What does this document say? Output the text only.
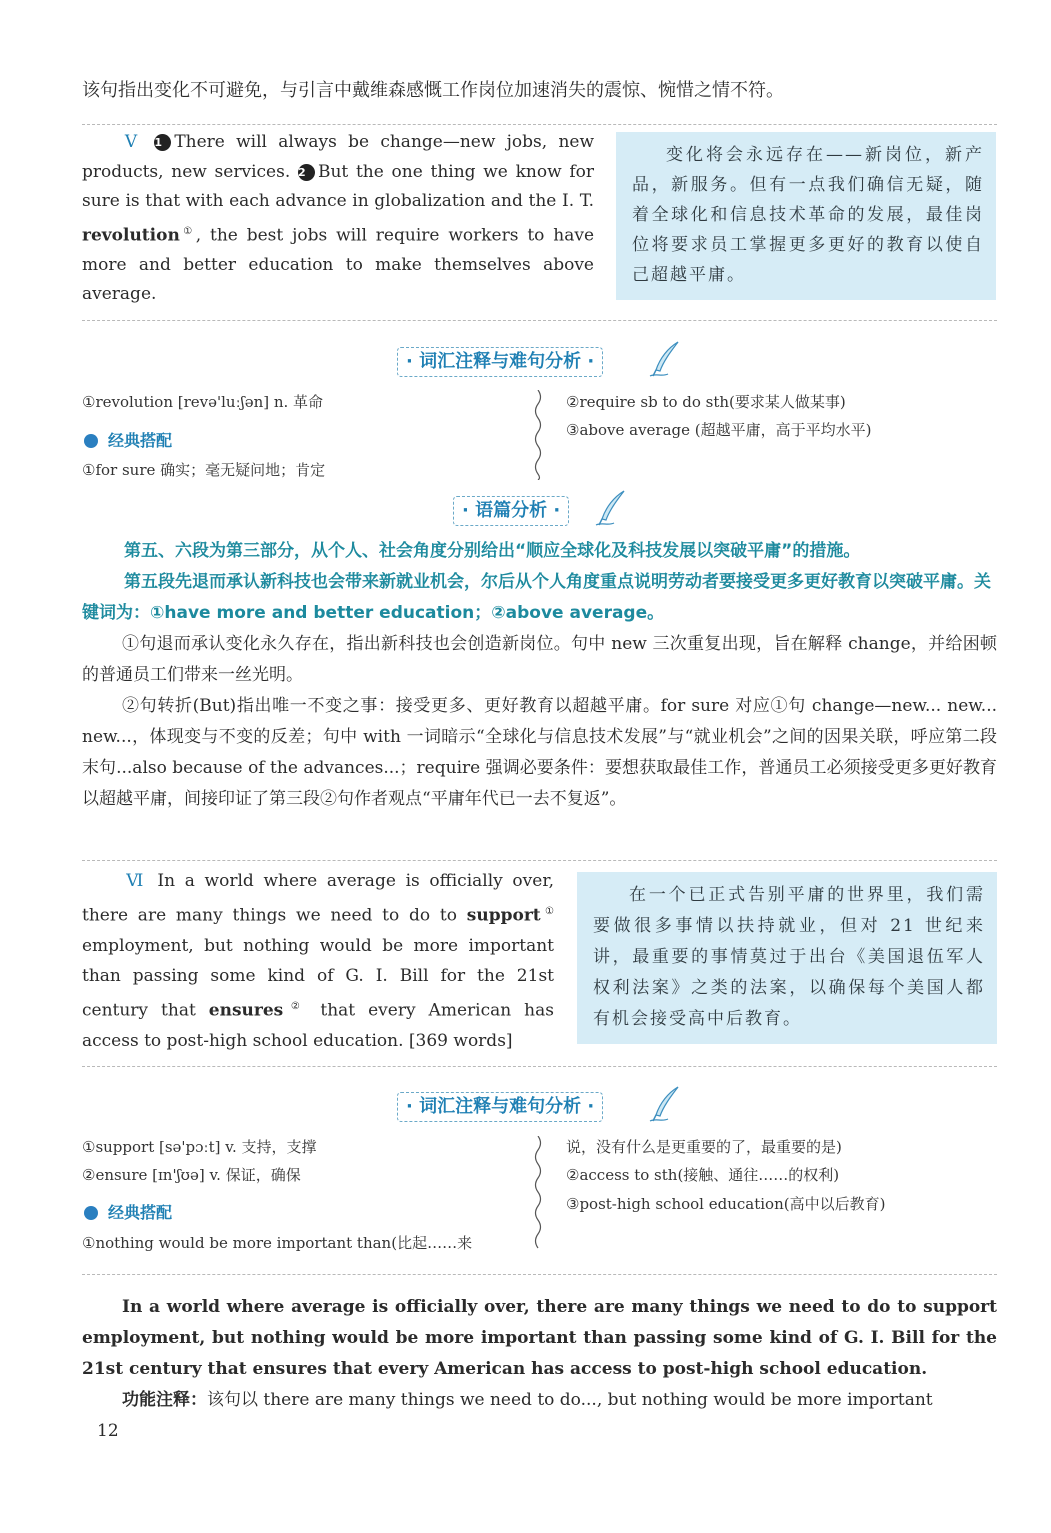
该句指出变化不可避免，与引言中戴维森感慨工作岗位加速消失的震惊、惋惜之情不符。
Ⅴ 1 There will always be change—new jobs, new products, new services. 2 But the one thing we know for sure is that with each advance in globalization and the I. T. revolution①, the best jobs will require workers to have more and better education to make themselves above average.
变化将会永远存在——新岗位，新产品，新服务。但有一点我们确信无疑，随着全球化和信息技术革命的发展，最佳岗位将要求员工掌握更多更好的教育以使自己超越平庸。
· 词汇注释与难句分析 ·
①revolution [revə'luːʃən] n. 革命
经典搭配
①for sure 确实；毫无疑问地；肯定
②require sb to do sth(要求某人做某事)
③above average (超越平庸，高于平均水平)
· 语篇分析 ·
第五、六段为第三部分，从个人、社会角度分别给出“顺应全球化及科技发展以突破平庸”的措施。
第五段先退而承认新科技也会带来新就业机会，尔后从个人角度重点说明劳动者要接受更多更好教育以突破平庸。关键词为：①have more and better education；②above average。
①句退而承认变化永久存在，指出新科技也会创造新岗位。句中 new 三次重复出现，旨在解释 change，并给困顿的普通员工们带来一丝光明。
②句转折(But)指出唯一不变之事：接受更多、更好教育以超越平庸。for sure 对应①句 change—new... new... new...，体现变与不变的反差；句中 with 一词暗示“全球化与信息技术发展”与“就业机会”之间的因果关联，呼应第二段末句...also because of the advances...；require 强调必要条件：要想获取最佳工作，普通员工必须接受更多更好教育以超越平庸，间接印证了第三段②句作者观点“平庸年代已一去不复返”。
Ⅵ In a world where average is officially over, there are many things we need to do to support① employment, but nothing would be more important than passing some kind of G. I. Bill for the 21st century that ensures② that every American has access to post-high school education. [369 words]
在一个已正式告别平庸的世界里，我们需要做很多事情以扶持就业，但对 21 世纪来讲，最重要的事情莫过于出台《美国退伍军人权利法案》之类的法案，以确保每个美国人都有机会接受高中后教育。
· 词汇注释与难句分析 ·
①support [sə'pɔːt] v. 支持，支撑
②ensure [ɪn'ʃʊə] v. 保证，确保
经典搭配
①nothing would be more important than(比起……来
说，没有什么是更重要的了，最重要的是)
②access to sth(接触、通往……的权利)
③post-high school education(高中以后教育)
In a world where average is officially over, there are many things we need to do to support employment, but nothing would be more important than passing some kind of G. I. Bill for the 21st century that ensures that every American has access to post-high school education.
功能注释：该句以 there are many things we need to do..., but nothing would be more important
12
